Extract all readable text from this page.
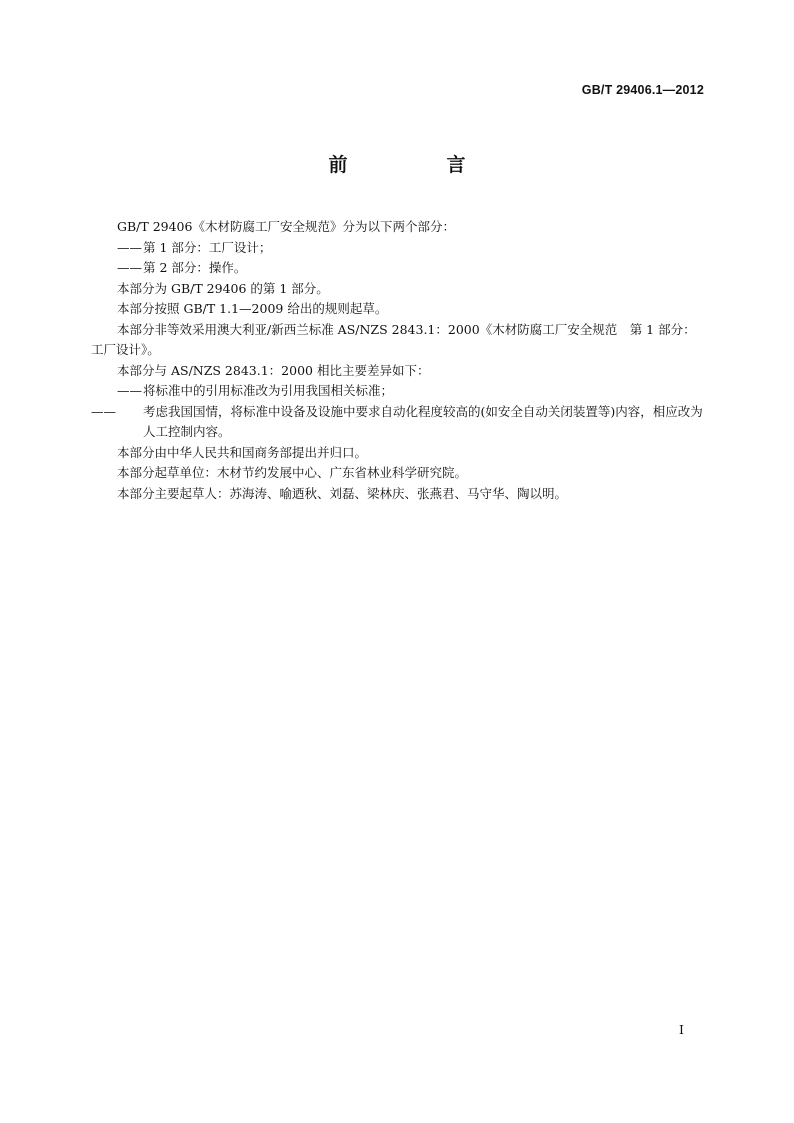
GB/T 29406.1—2012
前　言
GB/T 29406《木材防腐工厂安全规范》分为以下两个部分：
——第 1 部分：工厂设计；
——第 2 部分：操作。
本部分为 GB/T 29406 的第 1 部分。
本部分按照 GB/T 1.1—2009 给出的规则起草。
本部分非等效采用澳大利亚/新西兰标准 AS/NZS 2843.1：2000《木材防腐工厂安全规范　第 1 部分：工厂设计》。
本部分与 AS/NZS 2843.1：2000 相比主要差异如下：
——将标准中的引用标准改为引用我国相关标准；
—— 考虑我国国情，将标准中设备及设施中要求自动化程度较高的(如安全自动关闭装置等)内容，相应改为人工控制内容。
本部分由中华人民共和国商务部提出并归口。
本部分起草单位：木材节约发展中心、广东省林业科学研究院。
本部分主要起草人：苏海涛、喻迺秋、刘磊、梁林庆、张燕君、马守华、陶以明。
I
